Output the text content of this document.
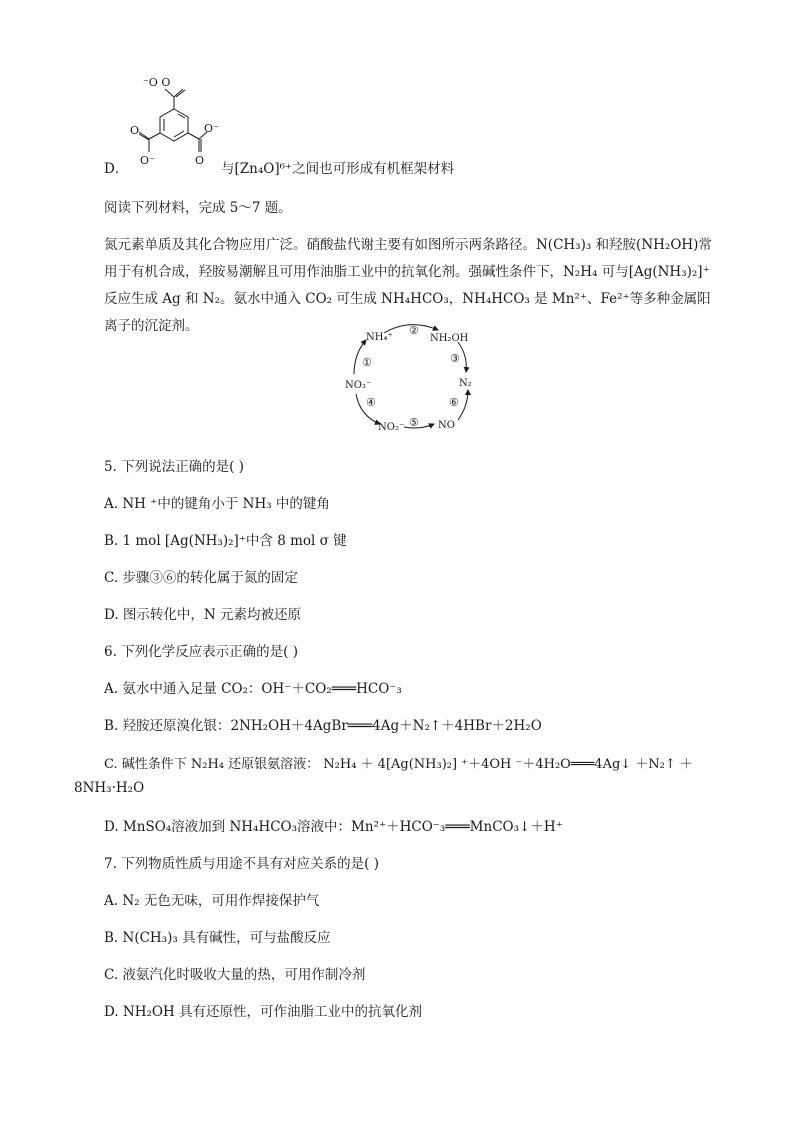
⁻O O
O	O⁻
O⁻	O
D．	与[Zn₄O]⁶⁺之间也可形成有机框架材料
阅读下列材料，完成 5～7 题。
氮元素单质及其化合物应用广泛。硝酸盐代谢主要有如图所示两条路径。N(CH₃)₃ 和羟胺(NH₂OH)常用于有机合成，羟胺易潮解且可用作油脂工业中的抗氧化剂。强碱性条件下，N₂H₄ 可与[Ag(NH₃)₂]⁺反应生成 Ag 和 N₂。氨水中通入 CO₂ 可生成 NH₄HCO₃，NH₄HCO₃ 是 Mn²⁺、Fe²⁺等多种金属阳离子的沉淀剂。
NH₄⁺	NH₂OH
N₂
NO
NO₂⁻
NO₃⁻
①
②
③
④
⑤
⑥
5. 下列说法正确的是( )
A. NH ⁺中的键角小于 NH₃ 中的键角
B. 1 mol [Ag(NH₃)₂]⁺中含 8 mol σ 键
C. 步骤③⑥的转化属于氮的固定
D. 图示转化中，N 元素均被还原
6. 下列化学反应表示正确的是( )
A. 氨水中通入足量 CO₂：OH⁻＋CO₂═══HCO⁻₃
B. 羟胺还原溴化银：2NH₂OH＋4AgBr═══4Ag＋N₂↑＋4HBr＋2H₂O
C. 碱性条件下 N₂H₄ 还原银氨溶液： N₂H₄ ＋ 4[Ag(NH₃)₂] ⁺＋4OH ⁻＋4H₂O═══4Ag↓ ＋N₂↑ ＋
8NH₃·H₂O
D. MnSO₄溶液加到 NH₄HCO₃溶液中：Mn²⁺＋HCO⁻₃═══MnCO₃↓＋H⁺
7. 下列物质性质与用途不具有对应关系的是( )
A. N₂ 无色无味，可用作焊接保护气
B. N(CH₃)₃ 具有碱性，可与盐酸反应
C. 液氨汽化时吸收大量的热，可用作制冷剂
D. NH₂OH 具有还原性，可作油脂工业中的抗氧化剂
